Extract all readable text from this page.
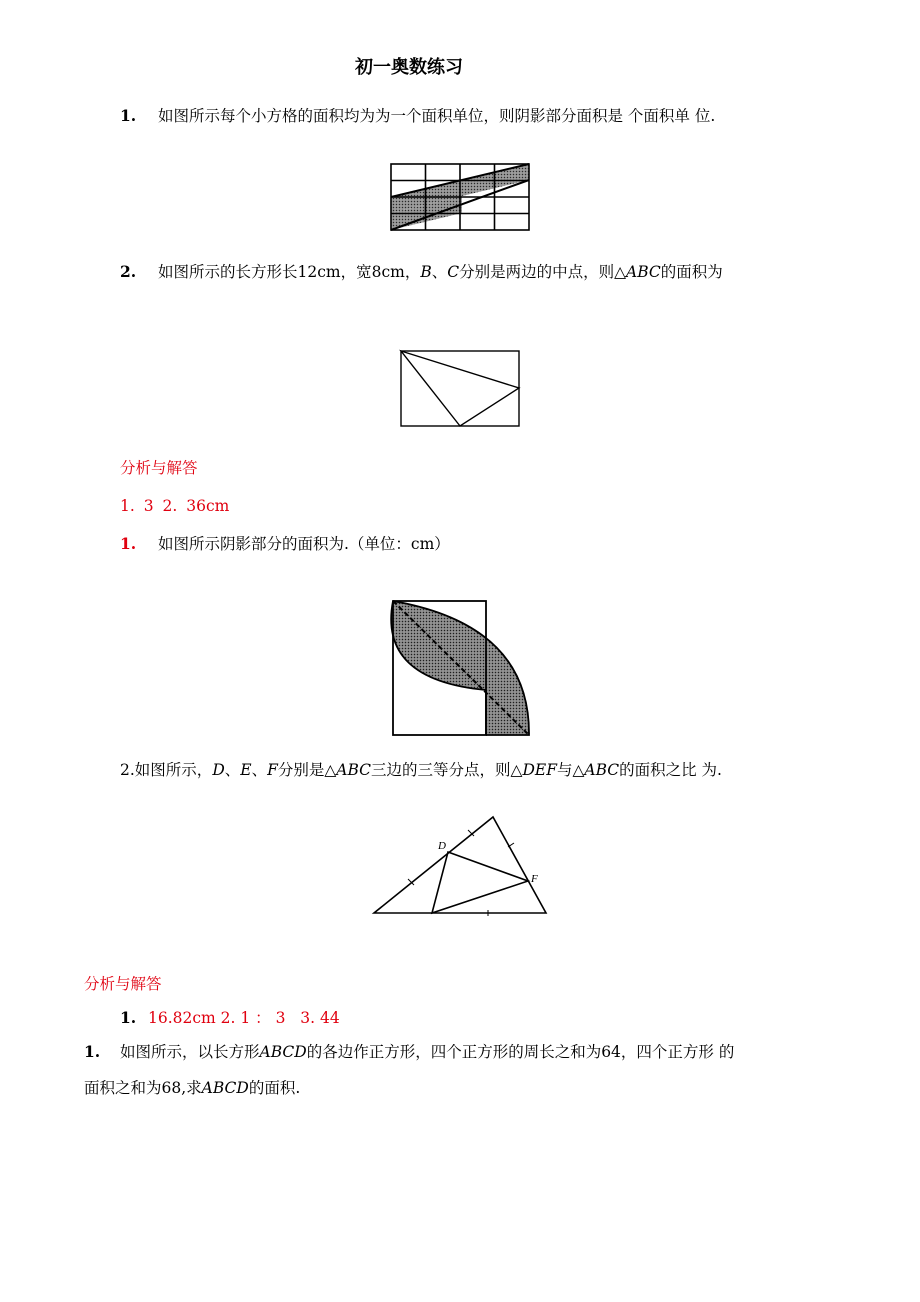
初一奥数练习
1. 如图所示每个小方格的面积均为为一个面积单位，则阴影部分面积是 个面积单 位.
2. 如图所示的长方形长12cm，宽8cm，B、C分别是两边的中点，则△ABC的面积为
分析与解答
1. 3 2. 36cm
1. 如图所示阴影部分的面积为.（单位：cm）
2.如图所示，D、E、F分别是△ABC三边的三等分点，则△DEF与△ABC的面积之比 为.
D
F
分析与解答
1. 16.82cm 2. 1 ： 3   3. 44
1. 如图所示，以长方形ABCD的各边作正方形，四个正方形的周长之和为64，四个正方形 的
面积之和为68,求ABCD的面积.
